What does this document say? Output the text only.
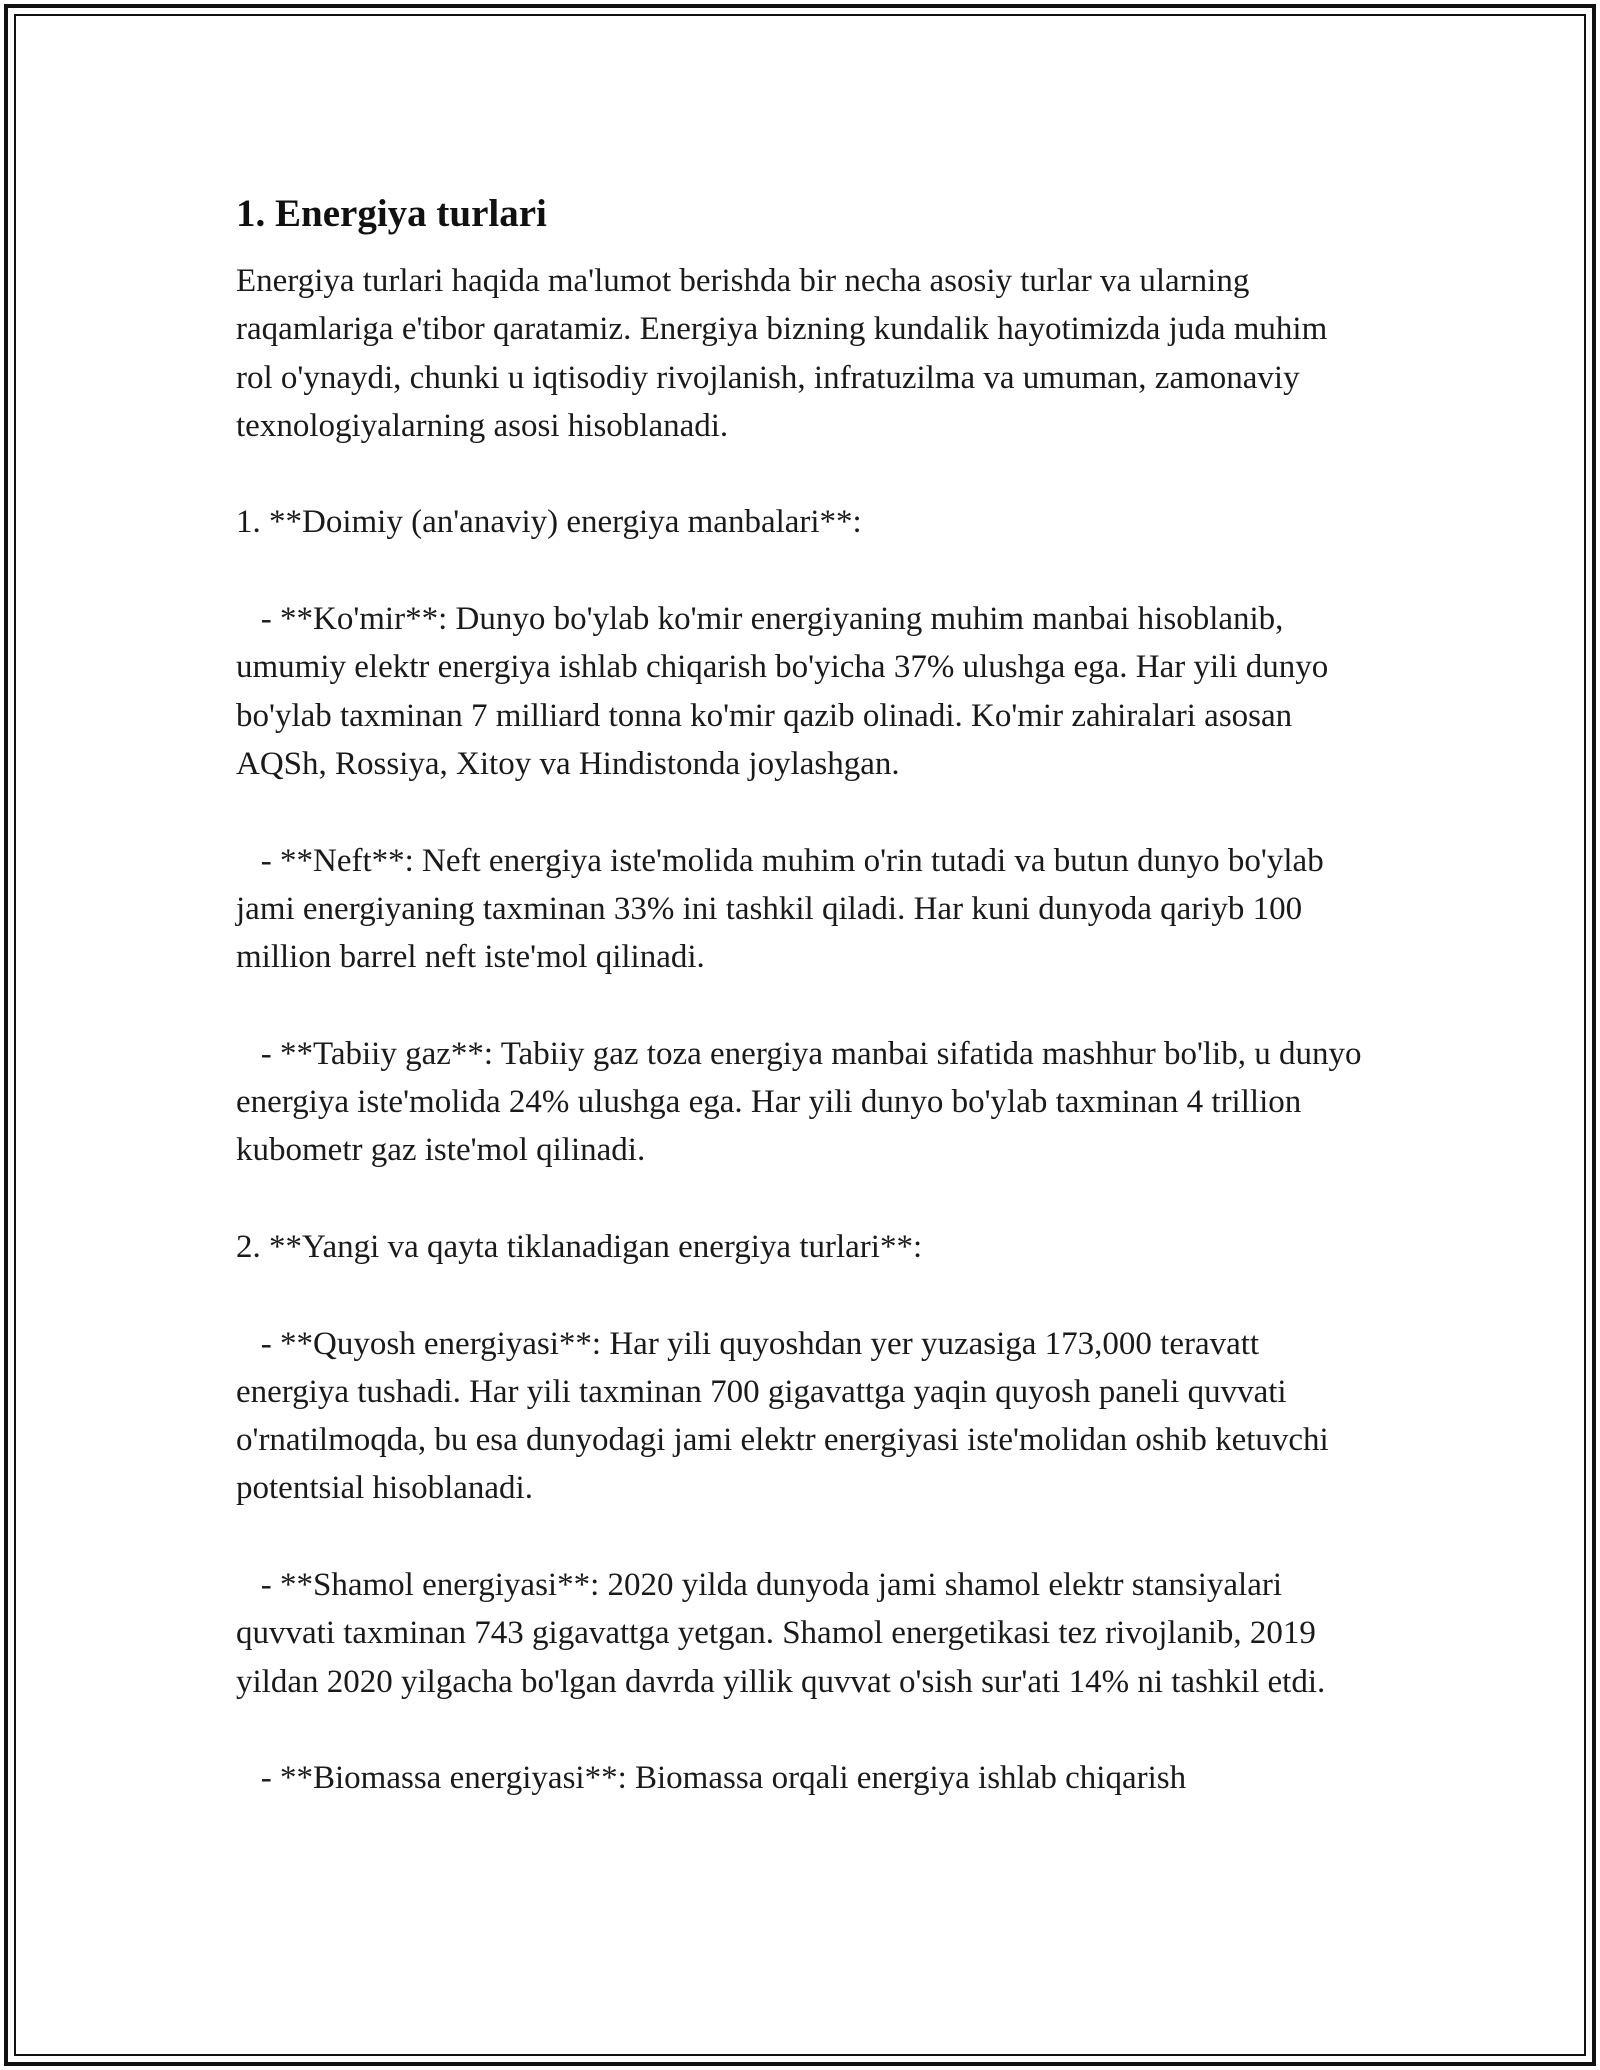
1. Energiya turlari

Energiya turlari haqida ma'lumot berishda bir necha asosiy turlar va ularning raqamlariga e'tibor qaratamiz. Energiya bizning kundalik hayotimizda juda muhim rol o'ynaydi, chunki u iqtisodiy rivojlanish, infratuzilma va umuman, zamonaviy texnologiyalarning asosi hisoblanadi.

1. **Doimiy (an'anaviy) energiya manbalari**:

- **Ko'mir**: Dunyo bo'ylab ko'mir energiyaning muhim manbai hisoblanib, umumiy elektr energiya ishlab chiqarish bo'yicha 37% ulushga ega. Har yili dunyo bo'ylab taxminan 7 milliard tonna ko'mir qazib olinadi. Ko'mir zahiralari asosan AQSh, Rossiya, Xitoy va Hindistonda joylashgan.

- **Neft**: Neft energiya iste'molida muhim o'rin tutadi va butun dunyo bo'ylab jami energiyaning taxminan 33% ini tashkil qiladi. Har kuni dunyoda qariyb 100 million barrel neft iste'mol qilinadi.

- **Tabiiy gaz**: Tabiiy gaz toza energiya manbai sifatida mashhur bo'lib, u dunyo energiya iste'molida 24% ulushga ega. Har yili dunyo bo'ylab taxminan 4 trillion kubometr gaz iste'mol qilinadi.

2. **Yangi va qayta tiklanadigan energiya turlari**:

- **Quyosh energiyasi**: Har yili quyoshdan yer yuzasiga 173,000 teravatt energiya tushadi. Har yili taxminan 700 gigavattga yaqin quyosh paneli quvvati o'rnatilmoqda, bu esa dunyodagi jami elektr energiyasi iste'molidan oshib ketuvchi potentsial hisoblanadi.

- **Shamol energiyasi**: 2020 yilda dunyoda jami shamol elektr stansiyalari quvvati taxminan 743 gigavattga yetgan. Shamol energetikasi tez rivojlanib, 2019 yildan 2020 yilgacha bo'lgan davrda yillik quvvat o'sish sur'ati 14% ni tashkil etdi.

- **Biomassa energiyasi**: Biomassa orqali energiya ishlab chiqarish
